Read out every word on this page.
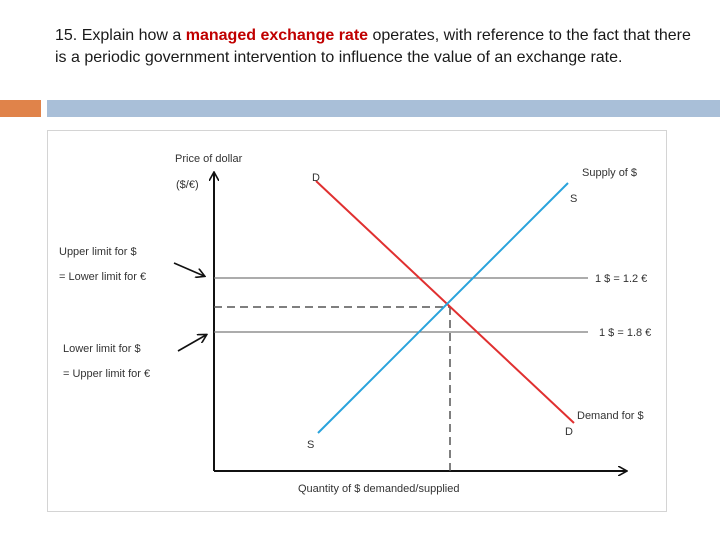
15. Explain how a managed exchange rate operates, with reference to the fact that there is a periodic government intervention to influence the value of an exchange rate.
Price of dollar
($/€)
Quantity of $ demanded/supplied
Upper limit for $
= Lower limit for €
Lower limit for $
= Upper limit for €
1 $ = 1.2 €
1 $ = 1.8 €
D
D
S
S
Supply of $
Demand for $
